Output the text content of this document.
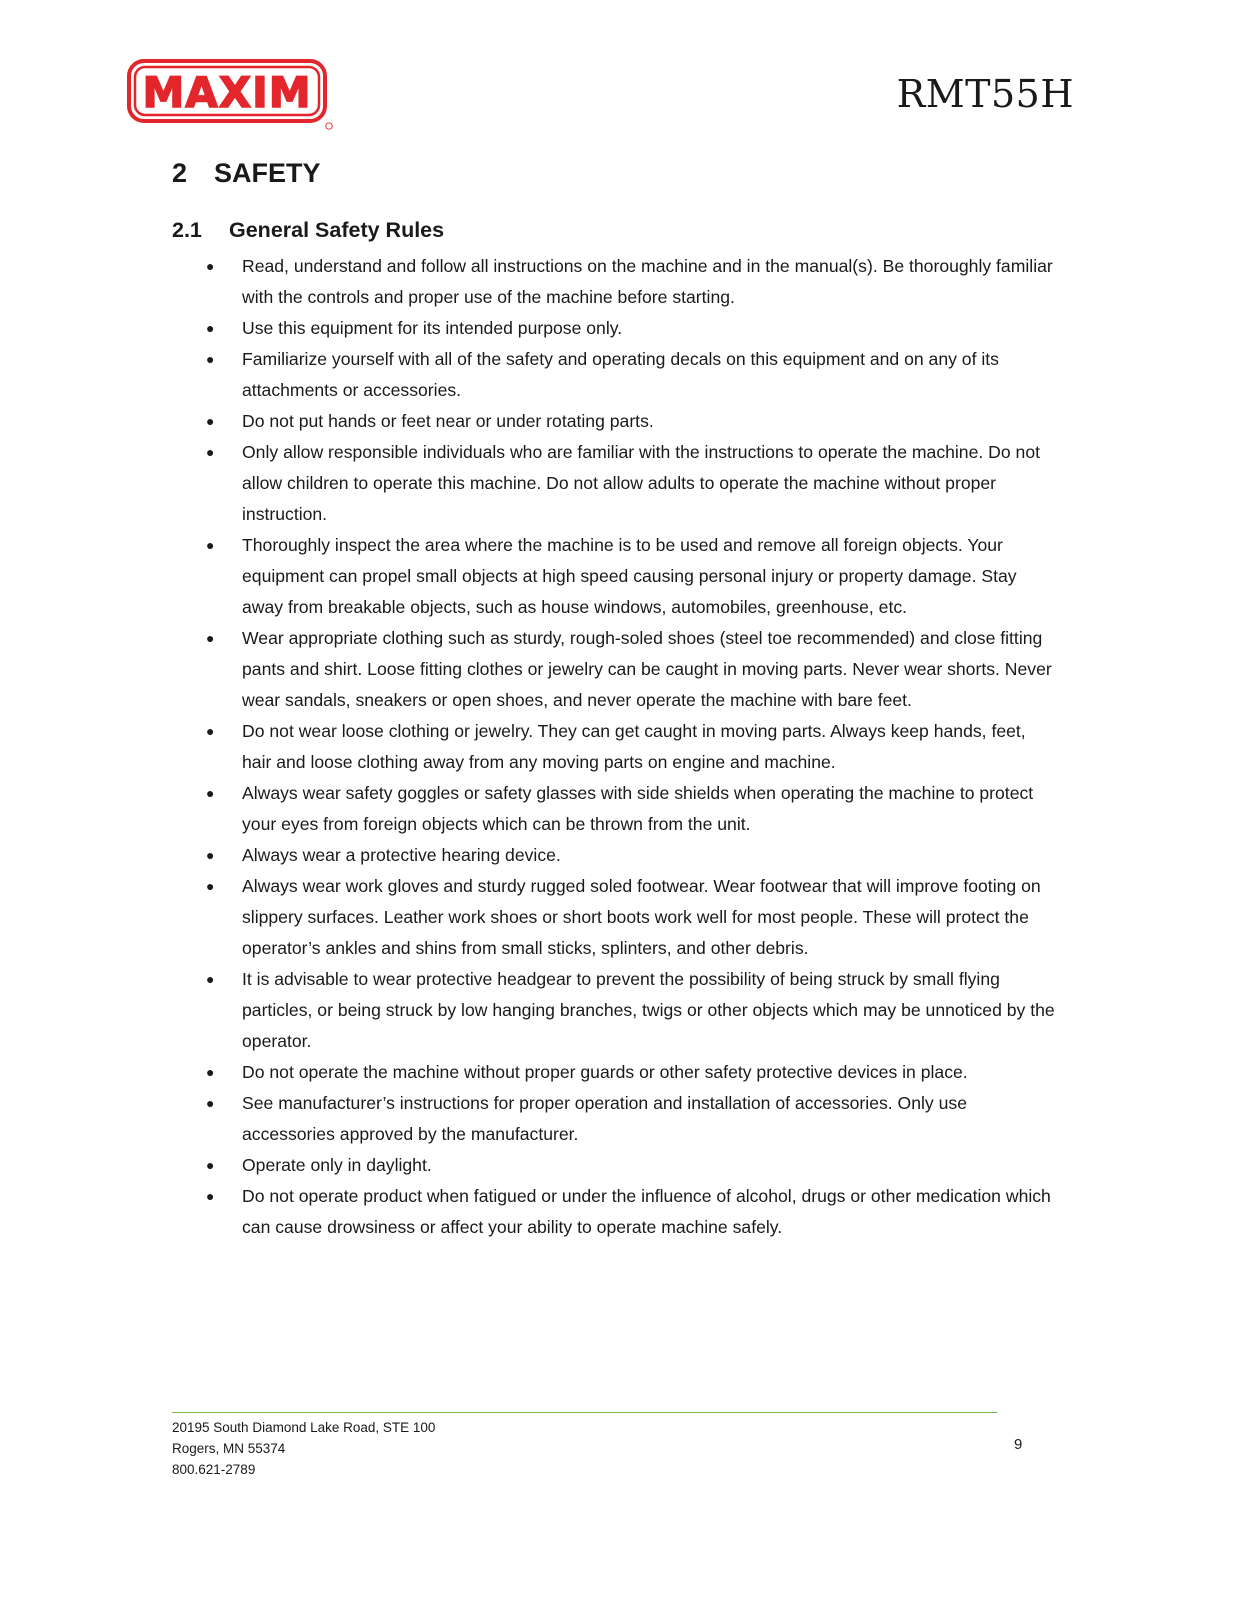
MAXIM	RMT55H
2 SAFETY
2.1 General Safety Rules
● Read, understand and follow all instructions on the machine and in the manual(s). Be thoroughly familiar with the controls and proper use of the machine before starting.
● Use this equipment for its intended purpose only.
● Familiarize yourself with all of the safety and operating decals on this equipment and on any of its attachments or accessories.
● Do not put hands or feet near or under rotating parts.
● Only allow responsible individuals who are familiar with the instructions to operate the machine. Do not allow children to operate this machine. Do not allow adults to operate the machine without proper instruction.
● Thoroughly inspect the area where the machine is to be used and remove all foreign objects. Your equipment can propel small objects at high speed causing personal injury or property damage. Stay away from breakable objects, such as house windows, automobiles, greenhouse, etc.
● Wear appropriate clothing such as sturdy, rough-soled shoes (steel toe recommended) and close fitting pants and shirt. Loose fitting clothes or jewelry can be caught in moving parts. Never wear shorts. Never wear sandals, sneakers or open shoes, and never operate the machine with bare feet.
● Do not wear loose clothing or jewelry. They can get caught in moving parts. Always keep hands, feet, hair and loose clothing away from any moving parts on engine and machine.
● Always wear safety goggles or safety glasses with side shields when operating the machine to protect your eyes from foreign objects which can be thrown from the unit.
● Always wear a protective hearing device.
● Always wear work gloves and sturdy rugged soled footwear. Wear footwear that will improve footing on slippery surfaces. Leather work shoes or short boots work well for most people. These will protect the operator’s ankles and shins from small sticks, splinters, and other debris.
● It is advisable to wear protective headgear to prevent the possibility of being struck by small flying particles, or being struck by low hanging branches, twigs or other objects which may be unnoticed by the operator.
● Do not operate the machine without proper guards or other safety protective devices in place.
● See manufacturer’s instructions for proper operation and installation of accessories. Only use accessories approved by the manufacturer.
● Operate only in daylight.
● Do not operate product when fatigued or under the influence of alcohol, drugs or other medication which can cause drowsiness or affect your ability to operate machine safely.
20195 South Diamond Lake Road, STE 100
Rogers, MN 55374
800.621-2789
9
